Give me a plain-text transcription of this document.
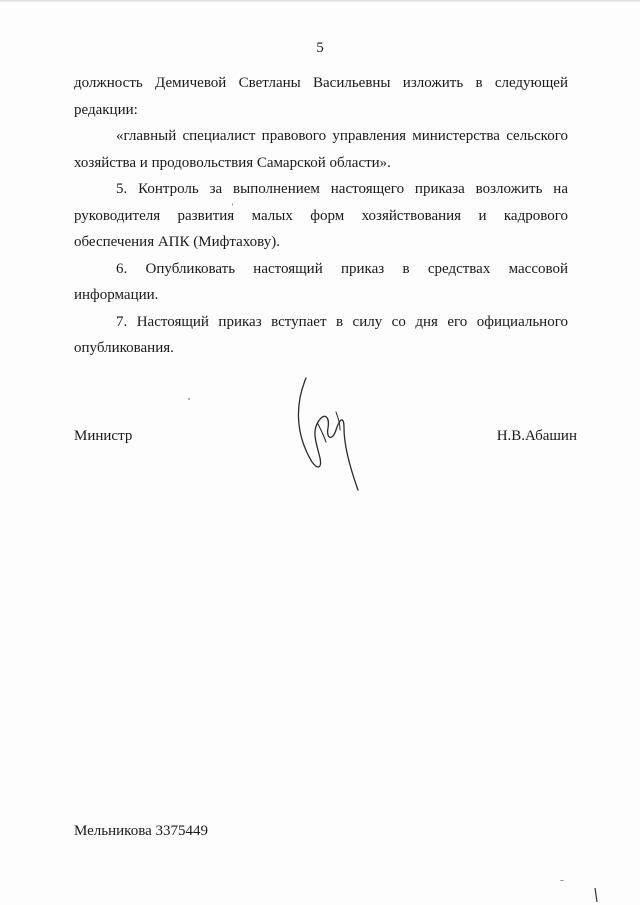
5

должность Демичевой Светланы Васильевны изложить в следующей редакции:

«главный специалист правового управления министерства сельского хозяйства и продовольствия Самарской области».

5. Контроль за выполнением настоящего приказа возложить на руководителя развития малых форм хозяйствования и кадрового обеспечения АПК (Мифтахову).

6. Опубликовать настоящий приказ в средствах массовой информации.

7. Настоящий приказ вступает в силу со дня его официального опубликования.

Министр	Н.В.Абашин
Мельникова 3375449
